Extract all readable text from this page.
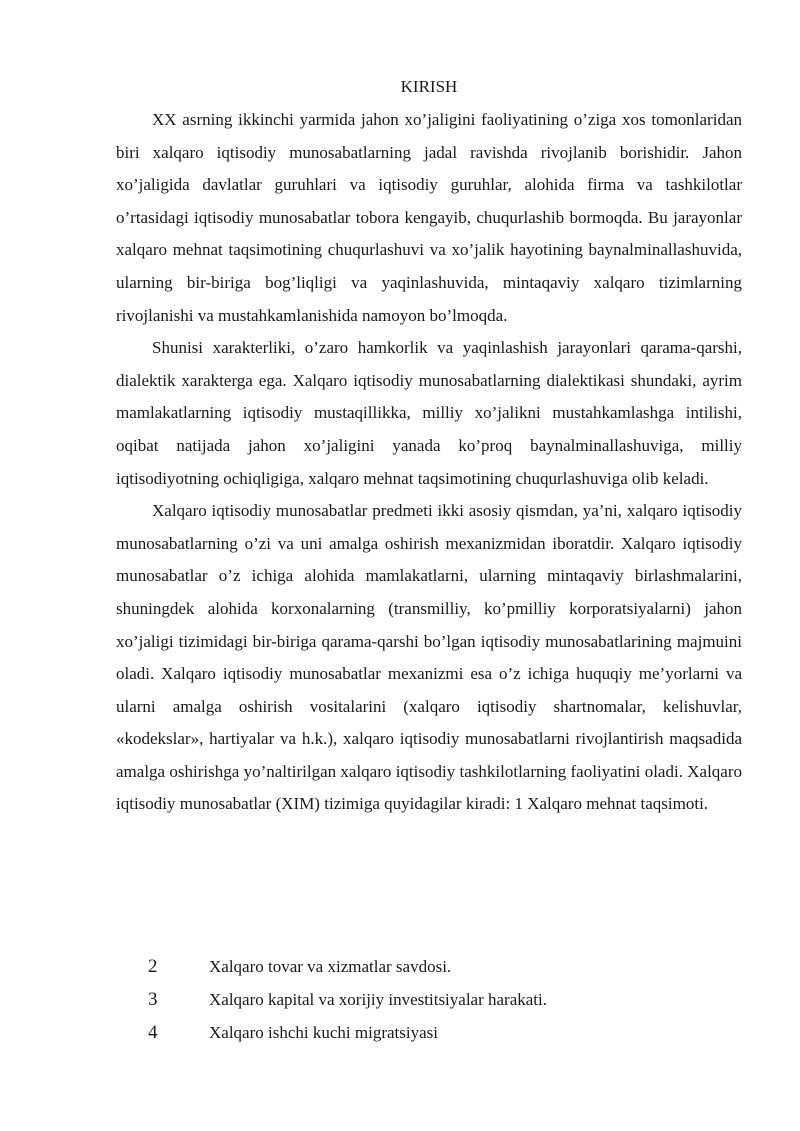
KIRISH

XX asrning ikkinchi yarmida jahon xo’jaligini faoliyatining o’ziga xos tomonlaridan biri xalqaro iqtisodiy munosabatlarning jadal ravishda rivojlanib borishidir. Jahon xo’jaligida davlatlar guruhlari va iqtisodiy guruhlar, alohida firma va tashkilotlar o’rtasidagi iqtisodiy munosabatlar tobora kengayib, chuqurlashib bormoqda. Bu jarayonlar xalqaro mehnat taqsimotining chuqurlashuvi va xo’jalik hayotining baynalminallashuvida, ularning bir-biriga bog’liqligi va yaqinlashuvida, mintaqaviy xalqaro tizimlarning rivojlanishi va mustahkamlanishida namoyon bo’lmoqda.

Shunisi xarakterliki, o’zaro hamkorlik va yaqinlashish jarayonlari qarama-qarshi, dialektik xarakterga ega. Xalqaro iqtisodiy munosabatlarning dialektikasi shundaki, ayrim mamlakatlarning iqtisodiy mustaqillikka, milliy xo’jalikni mustahkamlashga intilishi, oqibat natijada jahon xo’jaligini yanada ko’proq baynalminallashuviga, milliy iqtisodiyotning ochiqligiga, xalqaro mehnat taqsimotining chuqurlashuviga olib keladi.

Xalqaro iqtisodiy munosabatlar predmeti ikki asosiy qismdan, ya’ni, xalqaro iqtisodiy munosabatlarning o’zi va uni amalga oshirish mexanizmidan iboratdir. Xalqaro iqtisodiy munosabatlar o’z ichiga alohida mamlakatlarni, ularning mintaqaviy birlashmalarini, shuningdek alohida korxonalarning (transmilliy, ko’pmilliy korporatsiyalarni) jahon xo’jaligi tizimidagi bir-biriga qarama-qarshi bo’lgan iqtisodiy munosabatlarining majmuini oladi. Xalqaro iqtisodiy munosabatlar mexanizmi esa o’z ichiga huquqiy me’yorlarni va ularni amalga oshirish vositalarini (xalqaro iqtisodiy shartnomalar, kelishuvlar, «kodekslar», hartiyalar va h.k.), xalqaro iqtisodiy munosabatlarni rivojlantirish maqsadida amalga oshirishga yo’naltirilgan xalqaro iqtisodiy tashkilotlarning faoliyatini oladi. Xalqaro iqtisodiy munosabatlar (XIM) tizimiga quyidagilar kiradi: 1 Xalqaro mehnat taqsimoti.

2	Xalqaro tovar va xizmatlar savdosi.
3	Xalqaro kapital va xorijiy investitsiyalar harakati.
4	Xalqaro ishchi kuchi migratsiyasi
